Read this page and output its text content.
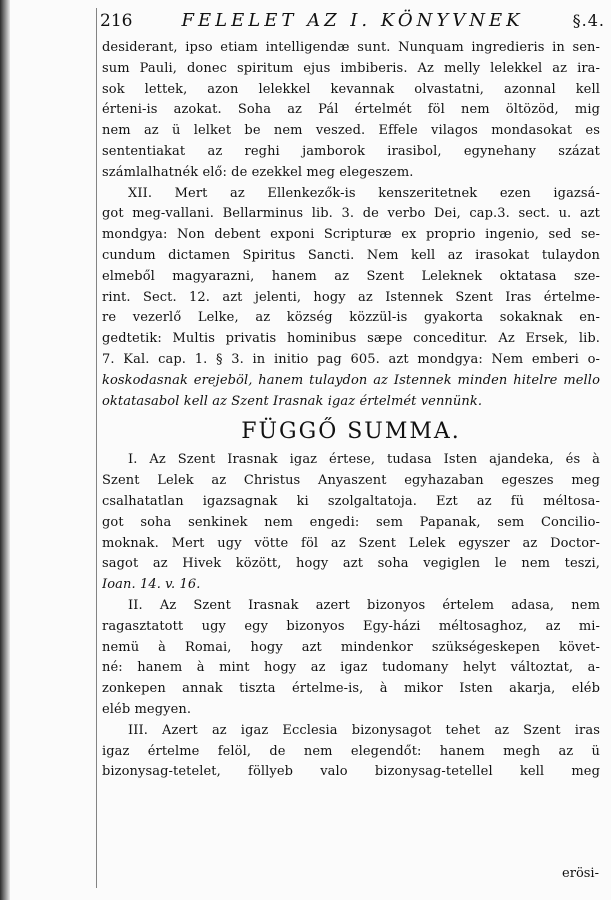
216	FELELET AZ I. KÖNYVNEK	§.4.
desiderant, ipso etiam intelligendæ sunt. Nunquam ingredieris in sen-
sum Pauli, donec spiritum ejus imbiberis. Az melly lelekkel az ira-
sok lettek, azon lelekkel kevannak olvastatni, azonnal kell
érteni-is azokat. Soha az Pál értelmét föl nem öltözöd, mig
nem az ü lelket be nem veszed. Effele vilagos mondasokat es
sententiakat az reghi jamborok irasibol, egynehany százat
számlalhatnék elő: de ezekkel meg elegeszem.
XII. Mert az Ellenkezők-is kenszeritetnek ezen igazsá-
got meg-vallani. Bellarminus lib. 3. de verbo Dei, cap.3. sect. u. azt
mondgya: Non debent exponi Scripturæ ex proprio ingenio, sed se-
cundum dictamen Spiritus Sancti. Nem kell az irasokat tulaydon
elmeből magyarazni, hanem az Szent Leleknek oktatasa sze-
rint. Sect. 12. azt jelenti, hogy az Istennek Szent Iras értelme-
re vezerlő Lelke, az község közzül-is gyakorta sokaknak en-
gedtetik: Multis privatis hominibus sæpe conceditur. Az Ersek, lib.
7. Kal. cap. 1. § 3. in initio pag 605. azt mondgya: Nem emberi o-
koskodasnak erejeböl, hanem tulaydon az Istennek minden hitelre mello
oktatasabol kell az Szent Irasnak igaz értelmét vennünk.
FÜGGŐ SUMMA.
I. Az Szent Irasnak igaz értese, tudasa Isten ajandeka, és à
Szent Lelek az Christus Anyaszent egyhazaban egeszes meg
csalhatatlan igazsagnak ki szolgaltatoja. Ezt az fü méltosa-
got soha senkinek nem engedi: sem Papanak, sem Concilio-
moknak. Mert ugy vötte föl az Szent Lelek egyszer az Doctor-
sagot az Hivek között, hogy azt soha vegiglen le nem teszi,
Ioan. 14. v. 16.
II. Az Szent Irasnak azert bizonyos értelem adasa, nem
ragasztatott ugy egy bizonyos Egy-házi méltosaghoz, az mi-
nemü à Romai, hogy azt mindenkor szükségeskepen követ-
né: hanem à mint hogy az igaz tudomany helyt változtat, a-
zonkepen annak tiszta értelme-is, à mikor Isten akarja, eléb
eléb megyen.
III. Azert az igaz Ecclesia bizonysagot tehet az Szent iras
igaz értelme felöl, de nem elegendőt: hanem megh az ü
bizonysag-tetelet, föllyeb valo bizonysag-tetellel kell meg
erösi-
